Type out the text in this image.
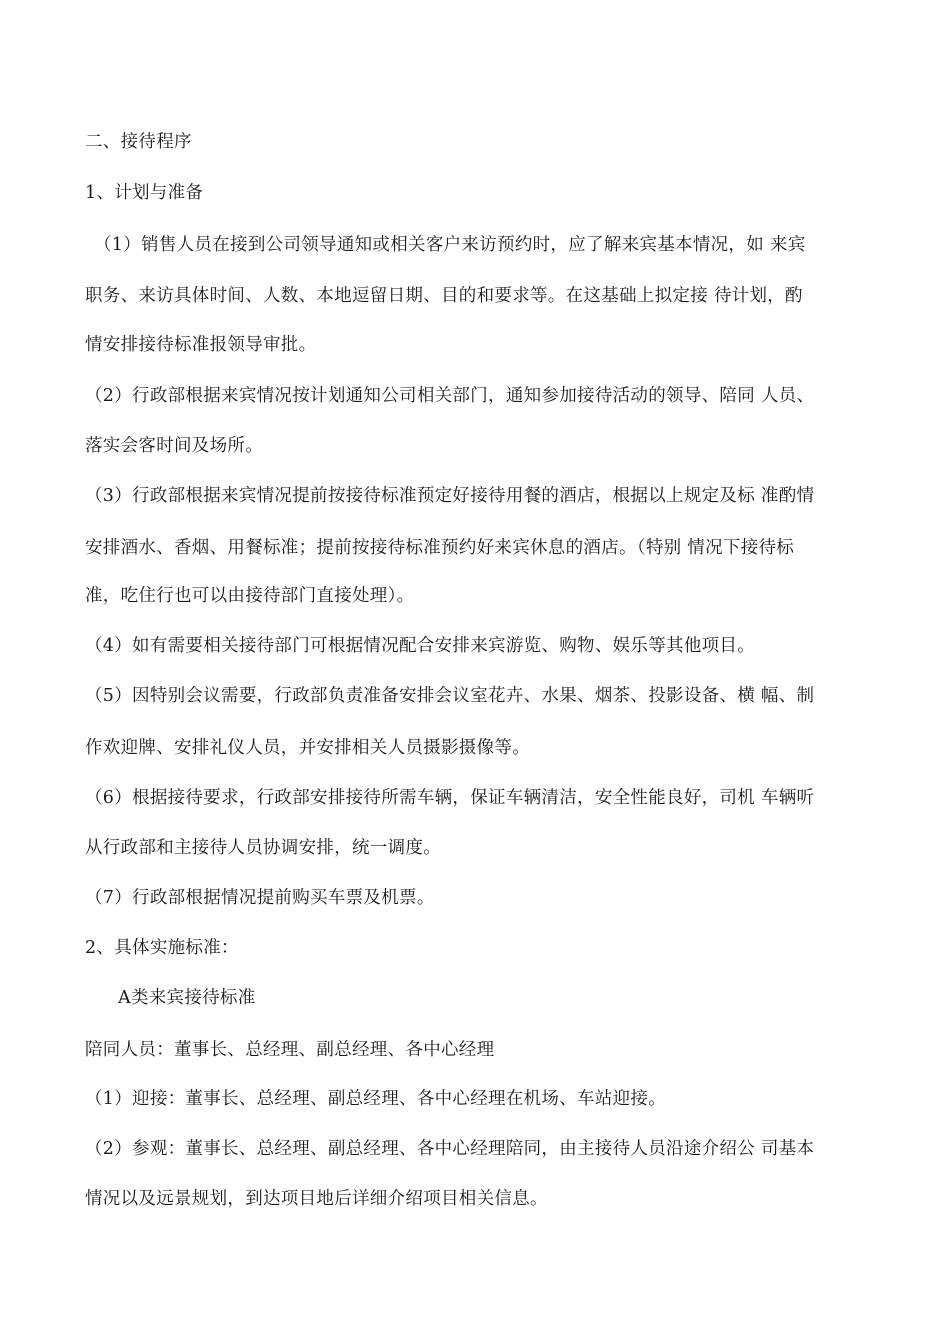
二、接待程序
1、计划与准备
（1）销售人员在接到公司领导通知或相关客户来访预约时，应了解来宾基本情况，如 来宾
职务、来访具体时间、人数、本地逗留日期、目的和要求等。在这基础上拟定接 待计划，酌
情安排接待标准报领导审批。
（2）行政部根据来宾情况按计划通知公司相关部门，通知参加接待活动的领导、陪同 人员、
落实会客时间及场所。
（3）行政部根据来宾情况提前按接待标准预定好接待用餐的酒店，根据以上规定及标 准酌情
安排酒水、香烟、用餐标准；提前按接待标准预约好来宾休息的酒店。（特别 情况下接待标
准，吃住行也可以由接待部门直接处理）。
（4）如有需要相关接待部门可根据情况配合安排来宾游览、购物、娱乐等其他项目。
（5）因特别会议需要，行政部负责准备安排会议室花卉、水果、烟茶、投影设备、横 幅、制
作欢迎牌、安排礼仪人员，并安排相关人员摄影摄像等。
（6）根据接待要求，行政部安排接待所需车辆，保证车辆清洁，安全性能良好，司机 车辆听
从行政部和主接待人员协调安排，统一调度。
（7）行政部根据情况提前购买车票及机票。
2、具体实施标准：
A类来宾接待标准
陪同人员：董事长、总经理、副总经理、各中心经理
（1）迎接：董事长、总经理、副总经理、各中心经理在机场、车站迎接。
（2）参观：董事长、总经理、副总经理、各中心经理陪同，由主接待人员沿途介绍公 司基本
情况以及远景规划，到达项目地后详细介绍项目相关信息。
